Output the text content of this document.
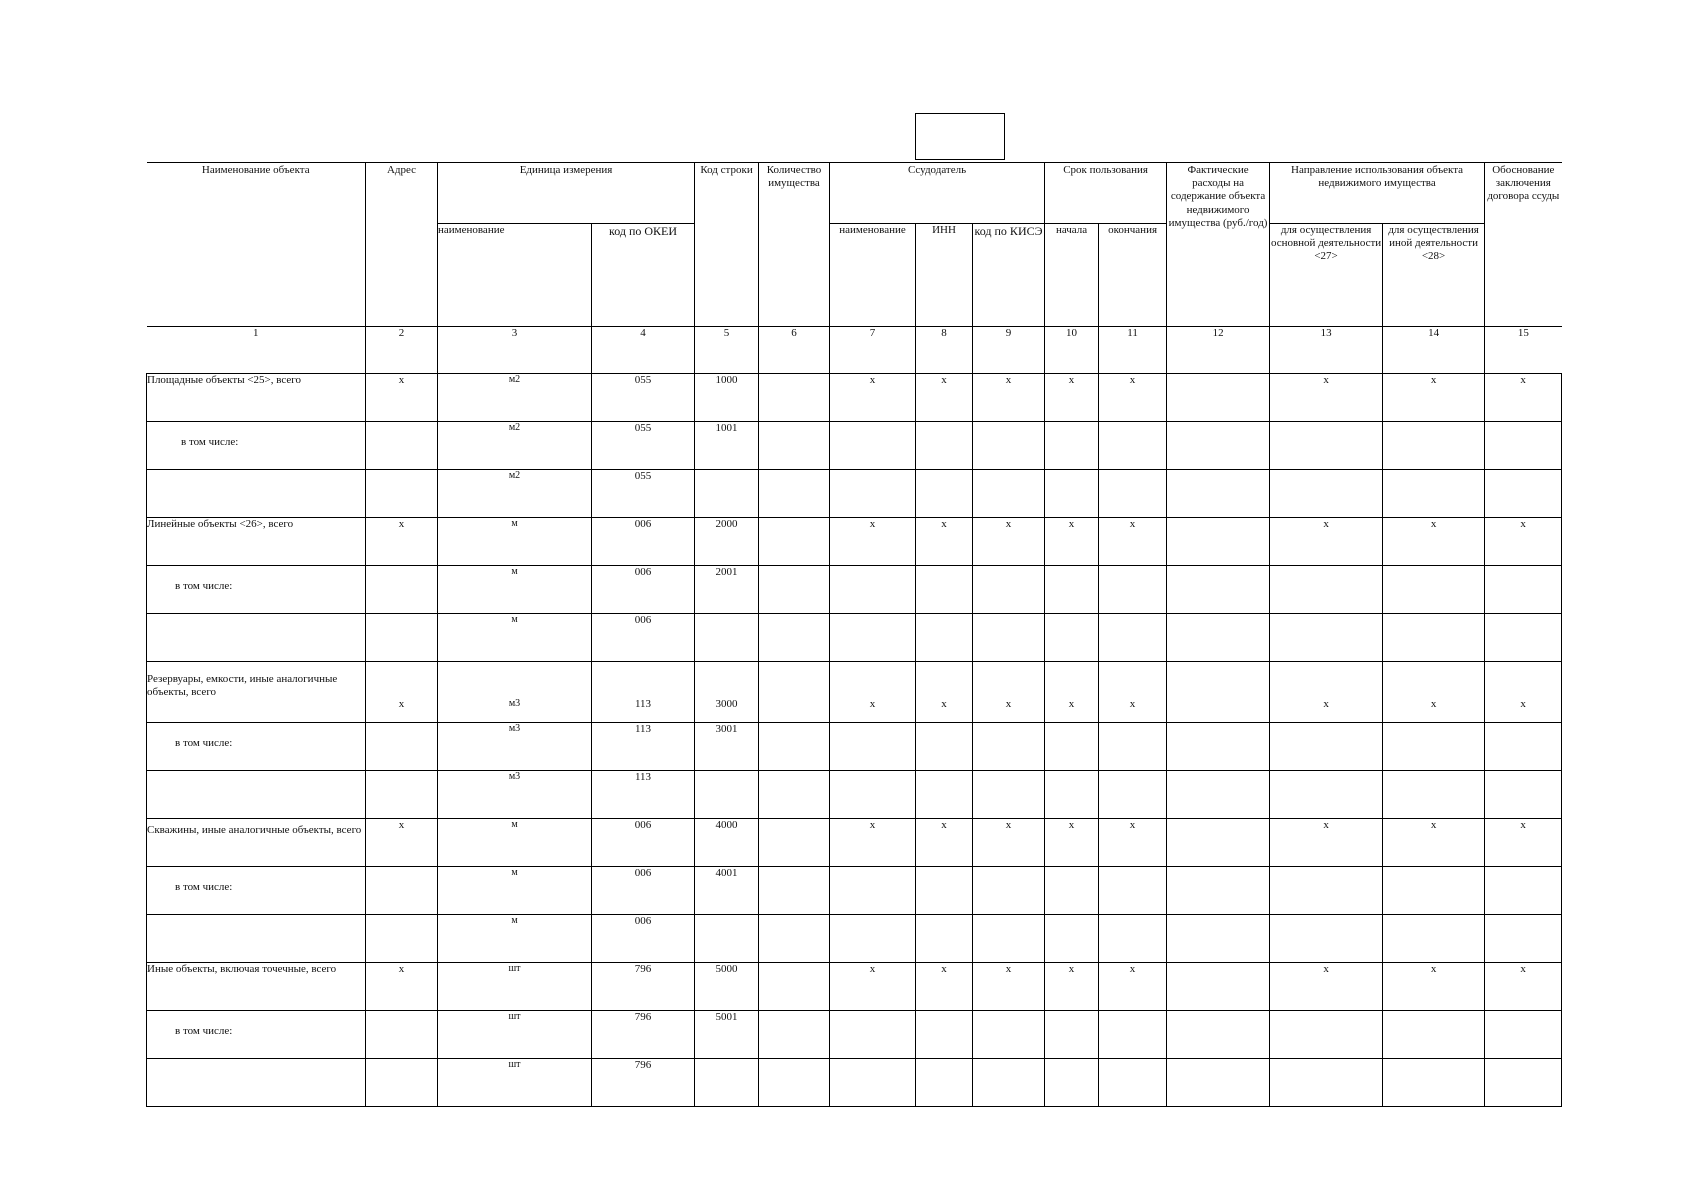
Наименование объекта	Адрес	Единица измерения		Код строки	Количество имущества	Ссудодатель			Срок пользования		Фактические расходы на содержание объекта недвижимого имущества (руб./год)	Направление использования объекта недвижимого имущества		Обоснование заключения договора ссуды
		наименование	код по ОКЕИ			наименование	ИНН	код по КИСЭ	начала	окончания		для осуществления основной деятельности <27>	для осуществления иной деятельности <28>	
1	2	3	4	5	6	7	8	9	10	11	12	13	14	15
Площадные объекты <25>, всего	x	м2	055	1000		x	x	x	x	x		x	x	x
в том числе:		м2	055	1001										
		м2	055											
Линейные объекты <26>, всего	x	м	006	2000		x	x	x	x	x		x	x	x
в том числе:		м	006	2001										
		м	006											
Резервуары, емкости, иные аналогичные объекты, всего	x	м3	113	3000		x	x	x	x	x		x	x	x
в том числе:		м3	113	3001										
		м3	113											
Скважины, иные аналогичные объекты, всего	x	м	006	4000		x	x	x	x	x		x	x	x
в том числе:		м	006	4001										
		м	006											
Иные объекты, включая точечные, всего	x	шт	796	5000		x	x	x	x	x		x	x	x
в том числе:		шт	796	5001										
		шт	796											
